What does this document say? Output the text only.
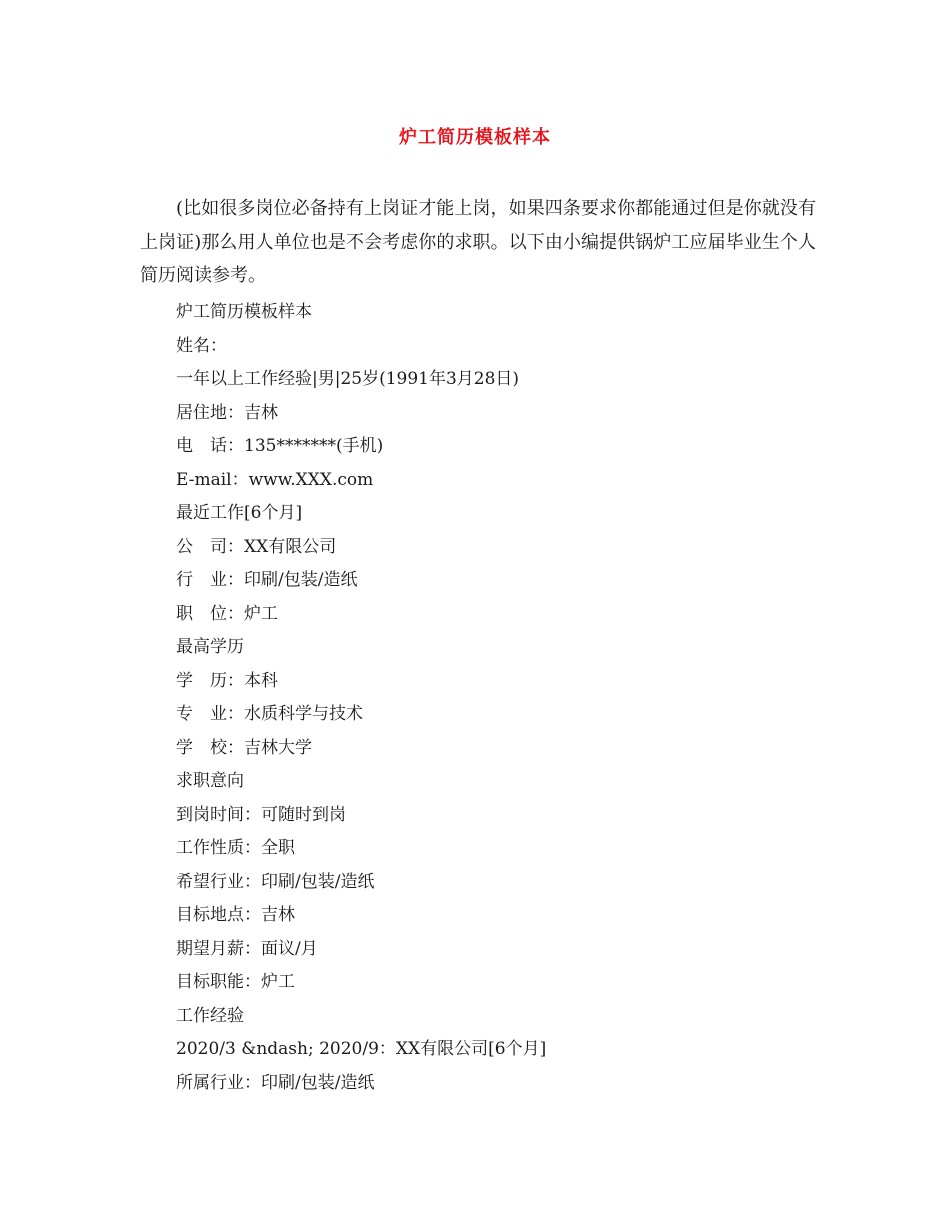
炉工简历模板样本

(比如很多岗位必备持有上岗证才能上岗，如果四条要求你都能通过但是你就没有上岗证)那么用人单位也是不会考虑你的求职。以下由小编提供锅炉工应届毕业生个人简历阅读参考。

炉工简历模板样本
姓名：
一年以上工作经验|男|25岁(1991年3月28日)
居住地：吉林
电　话：135*******(手机)
E-mail：www.XXX.com
最近工作[6个月]
公　司：XX有限公司
行　业：印刷/包装/造纸
职　位：炉工
最高学历
学　历：本科
专　业：水质科学与技术
学　校：吉林大学
求职意向
到岗时间：可随时到岗
工作性质：全职
希望行业：印刷/包装/造纸
目标地点：吉林
期望月薪：面议/月
目标职能：炉工
工作经验
2020/3 &ndash; 2020/9：XX有限公司[6个月]
所属行业：印刷/包装/造纸
